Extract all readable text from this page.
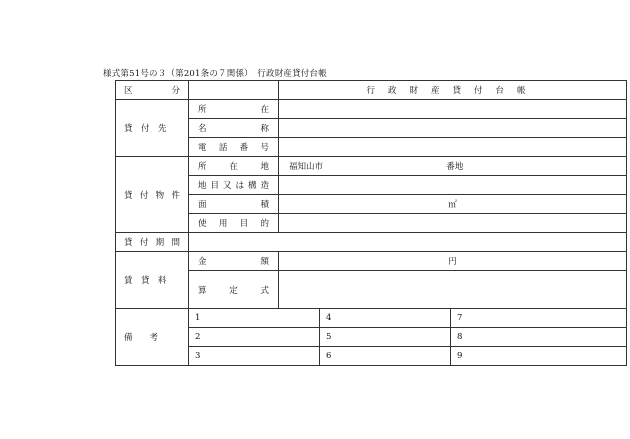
様式第51号の３（第201条の７関係）　行政財産貸付台帳
区　　分		行政財産貸付台帳		
貸　付　先	所　在			
	名　称			
	電話番号			
貸付物件	所在地	福知山市 番地		
	地目又は構造			
	面積	㎡		
	使用目的			
貸付期間				
賃　貸　料	金額	円		
	算定式			
備　　考	1		4	7
	2		5	8
	3		6	9
